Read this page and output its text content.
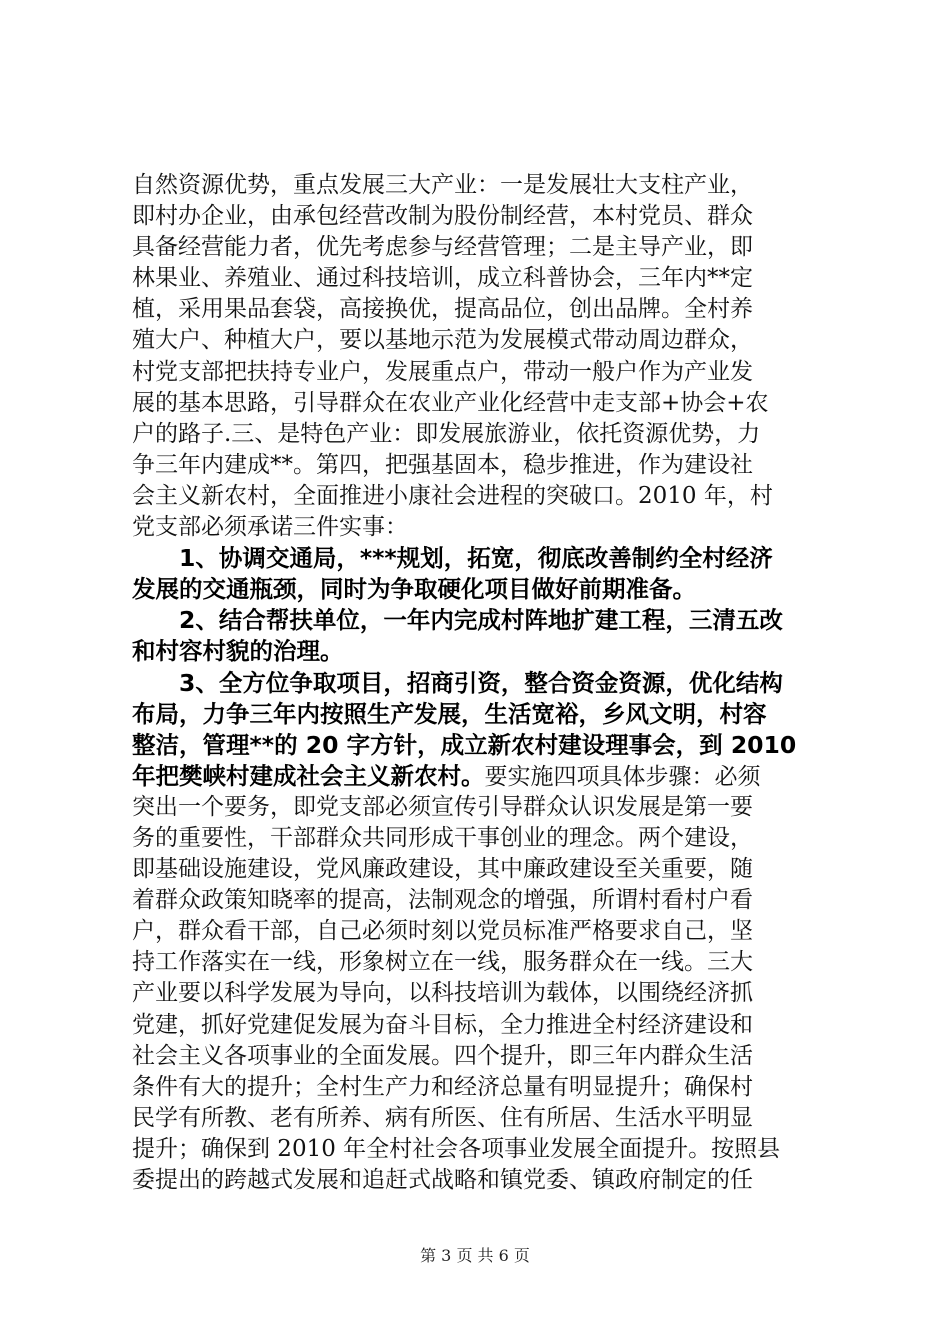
自然资源优势，重点发展三大产业：一是发展壮大支柱产业，
即村办企业，由承包经营改制为股份制经营，本村党员、群众
具备经营能力者，优先考虑参与经营管理；二是主导产业，即
林果业、养殖业、通过科技培训，成立科普协会，三年内**定
植，采用果品套袋，高接换优，提高品位，创出品牌。全村养
殖大户、种植大户，要以基地示范为发展模式带动周边群众，
村党支部把扶持专业户，发展重点户，带动一般户作为产业发
展的基本思路，引导群众在农业产业化经营中走支部+协会+农
户的路子.三、是特色产业：即发展旅游业，依托资源优势，力
争三年内建成**。第四，把强基固本，稳步推进，作为建设社
会主义新农村，全面推进小康社会进程的突破口。2010 年，村
党支部必须承诺三件实事：
　　1、协调交通局，***规划，拓宽，彻底改善制约全村经济
发展的交通瓶颈，同时为争取硬化项目做好前期准备。
　　2、结合帮扶单位，一年内完成村阵地扩建工程，三清五改
和村容村貌的治理。
　　3、全方位争取项目，招商引资，整合资金资源，优化结构
布局，力争三年内按照生产发展，生活宽裕，乡风文明，村容
整洁，管理**的 20 字方针，成立新农村建设理事会，到 2010
年把樊峡村建成社会主义新农村。要实施四项具体步骤：必须
突出一个要务，即党支部必须宣传引导群众认识发展是第一要
务的重要性，干部群众共同形成干事创业的理念。两个建设，
即基础设施建设，党风廉政建设，其中廉政建设至关重要，随
着群众政策知晓率的提高，法制观念的增强，所谓村看村户看
户，群众看干部，自己必须时刻以党员标准严格要求自己，坚
持工作落实在一线，形象树立在一线，服务群众在一线。三大
产业要以科学发展为导向，以科技培训为载体，以围绕经济抓
党建，抓好党建促发展为奋斗目标，全力推进全村经济建设和
社会主义各项事业的全面发展。四个提升，即三年内群众生活
条件有大的提升；全村生产力和经济总量有明显提升；确保村
民学有所教、老有所养、病有所医、住有所居、生活水平明显
提升；确保到 2010 年全村社会各项事业发展全面提升。按照县
委提出的跨越式发展和追赶式战略和镇党委、镇政府制定的任
第 3 页 共 6 页
